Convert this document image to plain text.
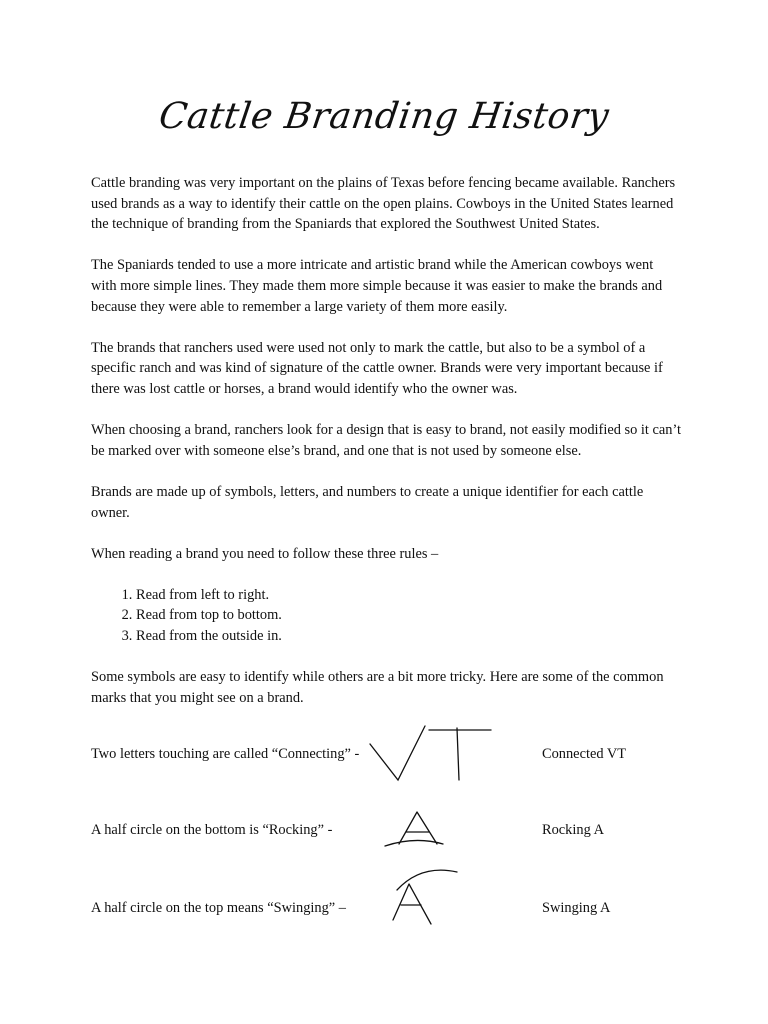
Cattle Branding History

Cattle branding was very important on the plains of Texas before fencing became available. Ranchers used brands as a way to identify their cattle on the open plains. Cowboys in the United States learned the technique of branding from the Spaniards that explored the Southwest United States.

The Spaniards tended to use a more intricate and artistic brand while the American cowboys went with more simple lines. They made them more simple because it was easier to make the brands and because they were able to remember a large variety of them more easily.

The brands that ranchers used were used not only to mark the cattle, but also to be a symbol of a specific ranch and was kind of signature of the cattle owner. Brands were very important because if there was lost cattle or horses, a brand would identify who the owner was.

When choosing a brand, ranchers look for a design that is easy to brand, not easily modified so it can’t be marked over with someone else’s brand, and one that is not used by someone else.

Brands are made up of symbols, letters, and numbers to create a unique identifier for each cattle owner.

When reading a brand you need to follow these three rules –

1. Read from left to right.
2. Read from top to bottom.
3. Read from the outside in.

Some symbols are easy to identify while others are a bit more tricky. Here are some of the common marks that you might see on a brand.

Two letters touching are called “Connecting” -	Connected VT
A half circle on the bottom is “Rocking” -	Rocking A
A half circle on the top means “Swinging” –	Swinging A
